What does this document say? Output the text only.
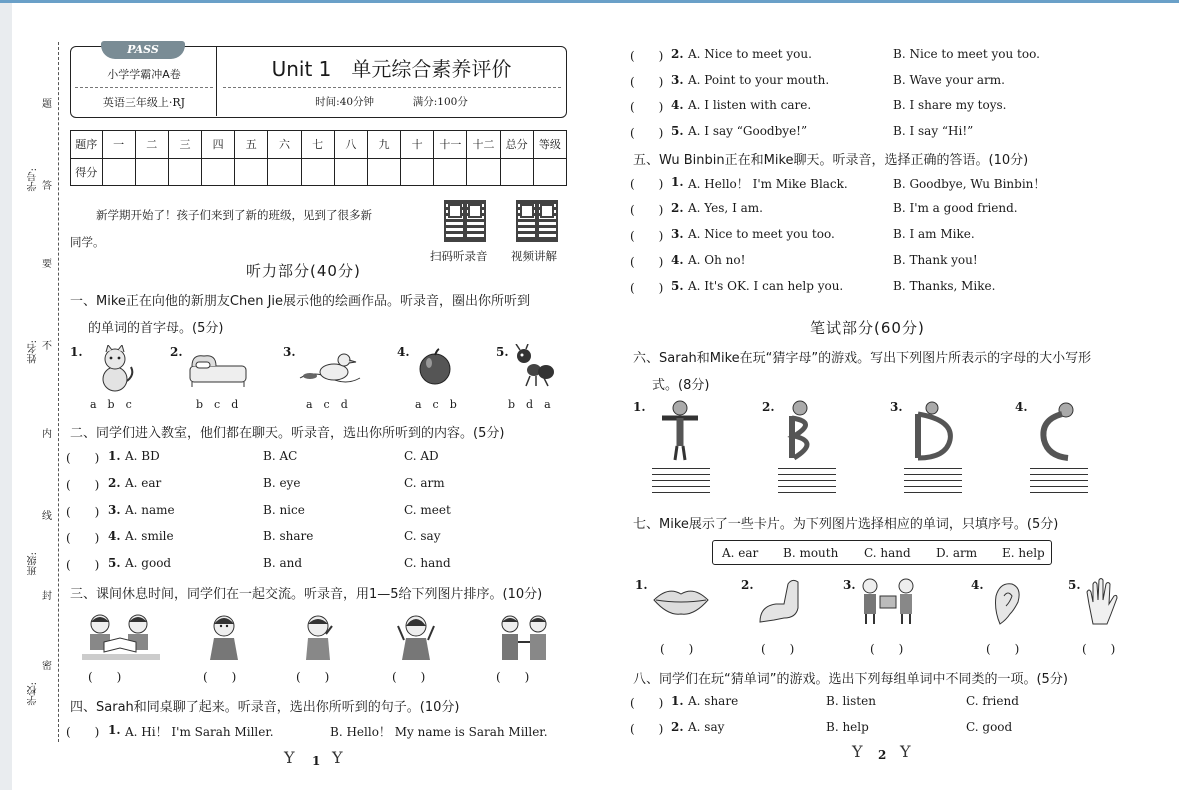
学校:
班级:
姓名:
学号:
密
封
线
内
不
要
答
题
PASS
小学学霸冲A卷
英语三年级上·RJ
Unit 1　单元综合素养评价
时间:40分钟	满分:100分
题序	一	二	三	四	五	六	七	八	九	十	十一	十二	总分	等级
得分														
新学期开始了！孩子们来到了新的班级，见到了很多新
同学。
扫码听录音 视频讲解
听力部分(40分)
一、Mike正在向他的新朋友Chen Jie展示他的绘画作品。听录音，圈出你所听到
的单词的首字母。(5分)
1.
a　b　c
2.
b　c　d
3.
a　c　d
4.
a　c　b
5.
b　d　a
二、同学们进入教室，他们都在聊天。听录音，选出你所听到的内容。(5分)
(　　) 1. A. BD	B. AC	C. AD
(　　) 2. A. ear	B. eye	C. arm
(　　) 3. A. name	B. nice	C. meet
(　　) 4. A. smile	B. share	C. say
(　　) 5. A. good	B. and	C. hand
三、课间休息时间，同学们在一起交流。听录音，用1—5给下列图片排序。(10分)
(　　)	(　　)	(　　)	(　　)	(　　)
四、Sarah和同桌聊了起来。听录音，选出你所听到的句子。(10分)
(　　) 1. A. Hi！ I'm Sarah Miller.	B. Hello！ My name is Sarah Miller.
(　　) 2. A. Nice to meet you.	B. Nice to meet you too.
(　　) 3. A. Point to your mouth.	B. Wave your arm.
(　　) 4. A. I listen with care.	B. I share my toys.
(　　) 5. A. I say “Goodbye!”	B. I say “Hi!”
Y 1 Y
五、Wu Binbin正在和Mike聊天。听录音，选择正确的答语。(10分)
(　　) 1. A. Hello！ I'm Mike Black.	B. Goodbye, Wu Binbin！
(　　) 2. A. Yes, I am.	B. I'm a good friend.
(　　) 3. A. Nice to meet you too.	B. I am Mike.
(　　) 4. A. Oh no!	B. Thank you!
(　　) 5. A. It's OK. I can help you.	B. Thanks, Mike.
笔试部分(60分)
六、Sarah和Mike在玩“猜字母”的游戏。写出下列图片所表示的字母的大小写形
式。(8分)
1.	2.	3.	4.
七、Mike展示了一些卡片。为下列图片选择相应的单词，只填序号。(5分)
A. ear B. mouth C. hand D. arm E. help
1.	2.	3.	4.	5.
(　　)	(　　)	(　　)	(　　)	(　　)
八、同学们在玩“猜单词”的游戏。选出下列每组单词中不同类的一项。(5分)
(　　) 1. A. share	B. listen	C. friend
(　　) 2. A. say	B. help	C. good
Y 2 Y
